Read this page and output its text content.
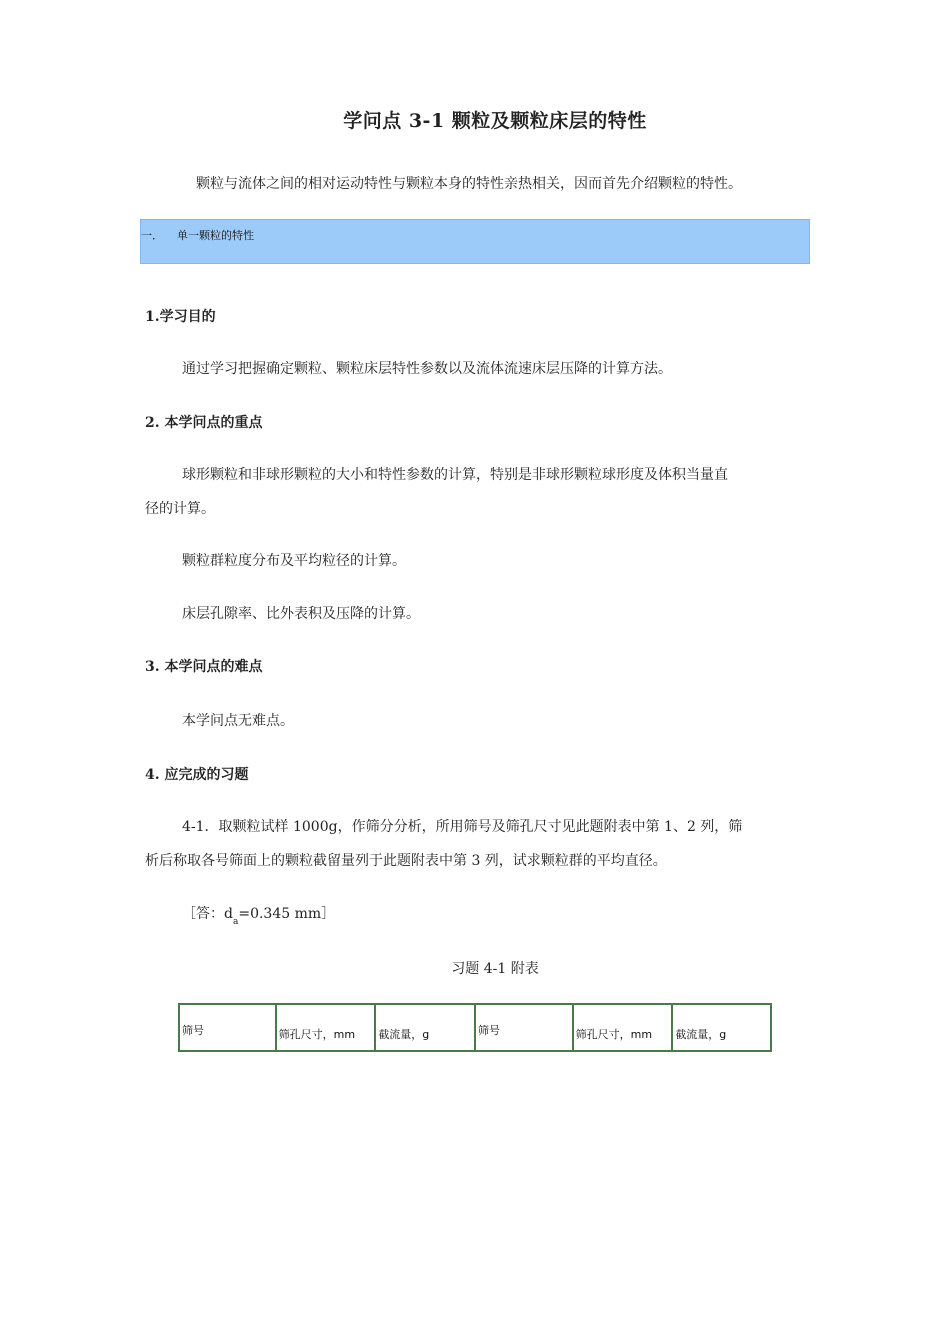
学问点 3-1 颗粒及颗粒床层的特性
颗粒与流体之间的相对运动特性与颗粒本身的特性亲热相关，因而首先介绍颗粒的特性。
一． 单一颗粒的特性
1.学习目的
通过学习把握确定颗粒、颗粒床层特性参数以及流体流速床层压降的计算方法。
2. 本学问点的重点
球形颗粒和非球形颗粒的大小和特性参数的计算，特别是非球形颗粒球形度及体积当量直
径的计算。
颗粒群粒度分布及平均粒径的计算。
床层孔隙率、比外表积及压降的计算。
3. 本学问点的难点
本学问点无难点。
4. 应完成的习题
4-1．取颗粒试样 1000g，作筛分分析，所用筛号及筛孔尺寸见此题附表中第 1、2 列，筛
析后称取各号筛面上的颗粒截留量列于此题附表中第 3 列，试求颗粒群的平均直径。
［答：$d_a=0.345$ mm］
习题 4-1 附表
筛号	筛孔尺寸，mm	截流量，g	筛号	筛孔尺寸，mm	截流量，g
